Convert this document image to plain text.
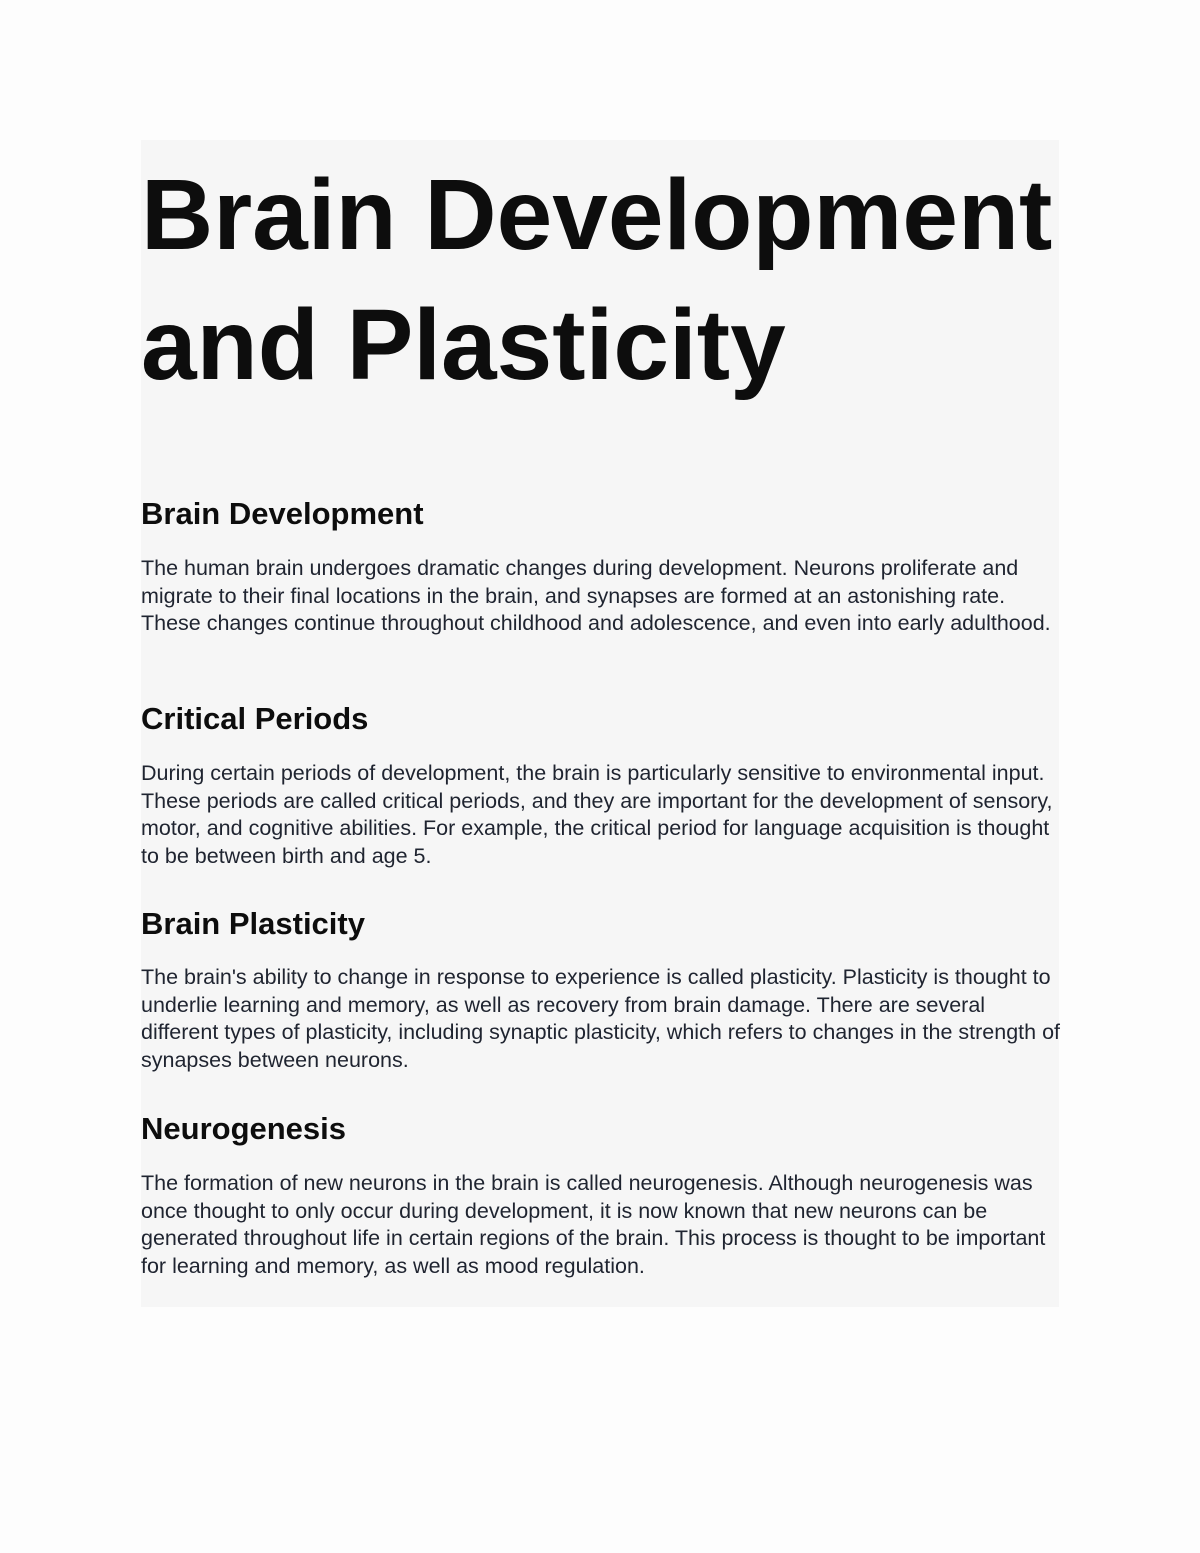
Brain Development and Plasticity
Brain Development

The human brain undergoes dramatic changes during development. Neurons proliferate and migrate to their final locations in the brain, and synapses are formed at an astonishing rate. These changes continue throughout childhood and adolescence, and even into early adulthood.

Critical Periods

During certain periods of development, the brain is particularly sensitive to environmental input. These periods are called critical periods, and they are important for the development of sensory, motor, and cognitive abilities. For example, the critical period for language acquisition is thought to be between birth and age 5.

Brain Plasticity

The brain's ability to change in response to experience is called plasticity. Plasticity is thought to underlie learning and memory, as well as recovery from brain damage. There are several different types of plasticity, including synaptic plasticity, which refers to changes in the strength of synapses between neurons.

Neurogenesis

The formation of new neurons in the brain is called neurogenesis. Although neurogenesis was once thought to only occur during development, it is now known that new neurons can be generated throughout life in certain regions of the brain. This process is thought to be important for learning and memory, as well as mood regulation.
